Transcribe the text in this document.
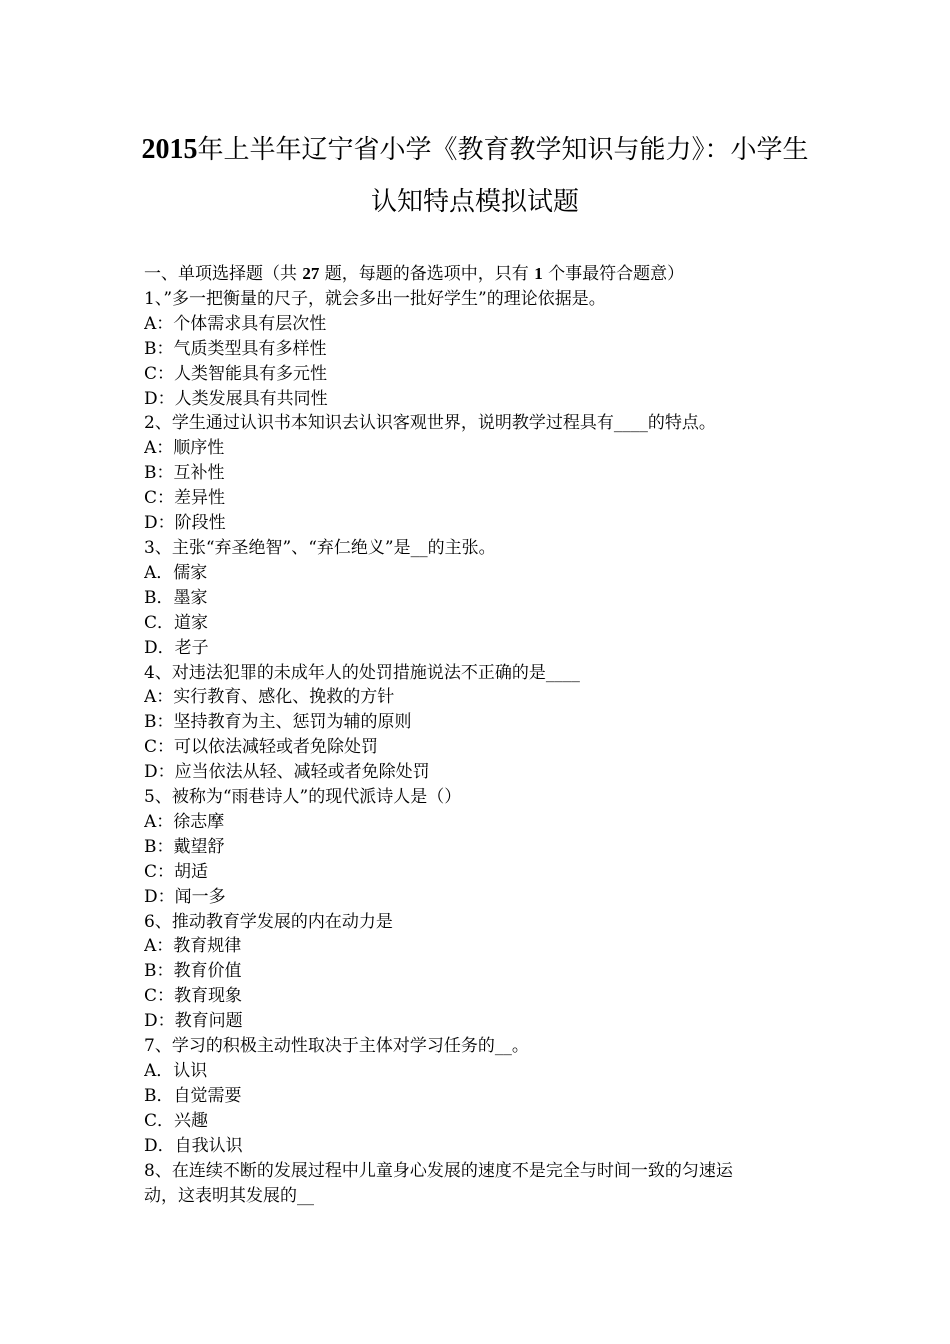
2015年上半年辽宁省小学《教育教学知识与能力》：小学生
认知特点模拟试题
一、单项选择题（共 27 题，每题的备选项中，只有 1 个事最符合题意）
1、”多一把衡量的尺子，就会多出一批好学生”的理论依据是。
A：个体需求具有层次性
B：气质类型具有多样性
C：人类智能具有多元性
D：人类发展具有共同性
2、学生通过认识书本知识去认识客观世界，说明教学过程具有____的特点。
A：顺序性
B：互补性
C：差异性
D：阶段性
3、主张“弃圣绝智”、“弃仁绝义”是__的主张。
A．儒家
B．墨家
C．道家
D．老子
4、对违法犯罪的未成年人的处罚措施说法不正确的是____
A：实行教育、感化、挽救的方针
B：坚持教育为主、惩罚为辅的原则
C：可以依法减轻或者免除处罚
D：应当依法从轻、减轻或者免除处罚
5、被称为“雨巷诗人”的现代派诗人是（）
A：徐志摩
B：戴望舒
C：胡适
D：闻一多
6、推动教育学发展的内在动力是
A：教育规律
B：教育价值
C：教育现象
D：教育问题
7、学习的积极主动性取决于主体对学习任务的__。
A．认识
B．自觉需要
C．兴趣
D．自我认识
8、在连续不断的发展过程中儿童身心发展的速度不是完全与时间一致的匀速运
动，这表明其发展的__
